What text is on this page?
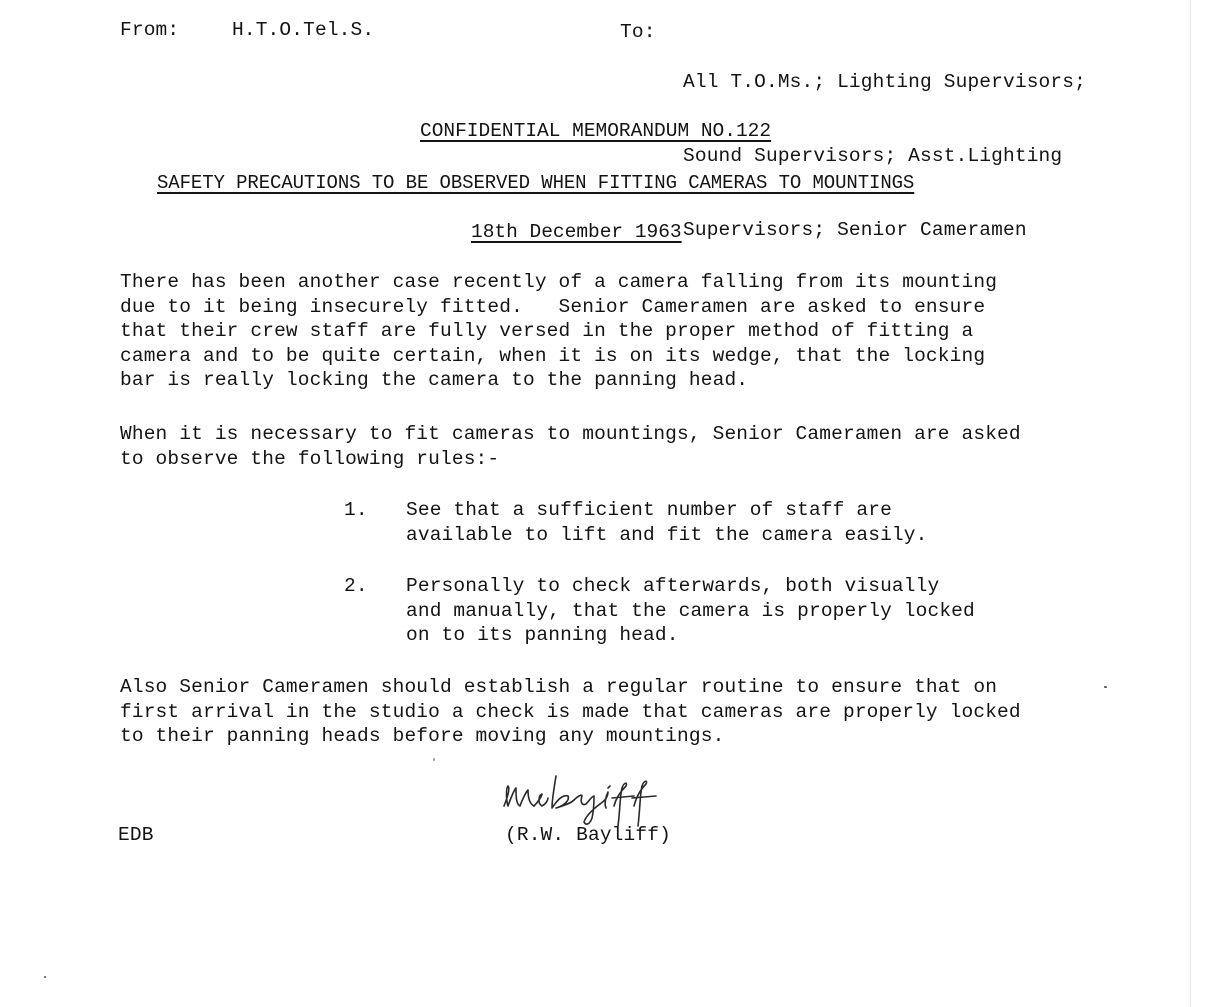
From:	H.T.O.Tel.S.	To:

All T.O.Ms.; Lighting Supervisors;

Sound Supervisors; Asst.Lighting

Supervisors; Senior Cameramen

CONFIDENTIAL MEMORANDUM NO.122
SAFETY PRECAUTIONS TO BE OBSERVED WHEN FITTING CAMERAS TO MOUNTINGS
18th December 1963
There has been another case recently of a camera falling from its mounting
due to it being insecurely fitted.   Senior Cameramen are asked to ensure
that their crew staff are fully versed in the proper method of fitting a
camera and to be quite certain, when it is on its wedge, that the locking
bar is really locking the camera to the panning head.
When it is necessary to fit cameras to mountings, Senior Cameramen are asked
to observe the following rules:-
1. See that a sufficient number of staff are
available to lift and fit the camera easily.
2. Personally to check afterwards, both visually
and manually, that the camera is properly locked
on to its panning head.
Also Senior Cameramen should establish a regular routine to ensure that on
first arrival in the studio a check is made that cameras are properly locked
to their panning heads before moving any mountings.
EDB	(R.W. Bayliff)
